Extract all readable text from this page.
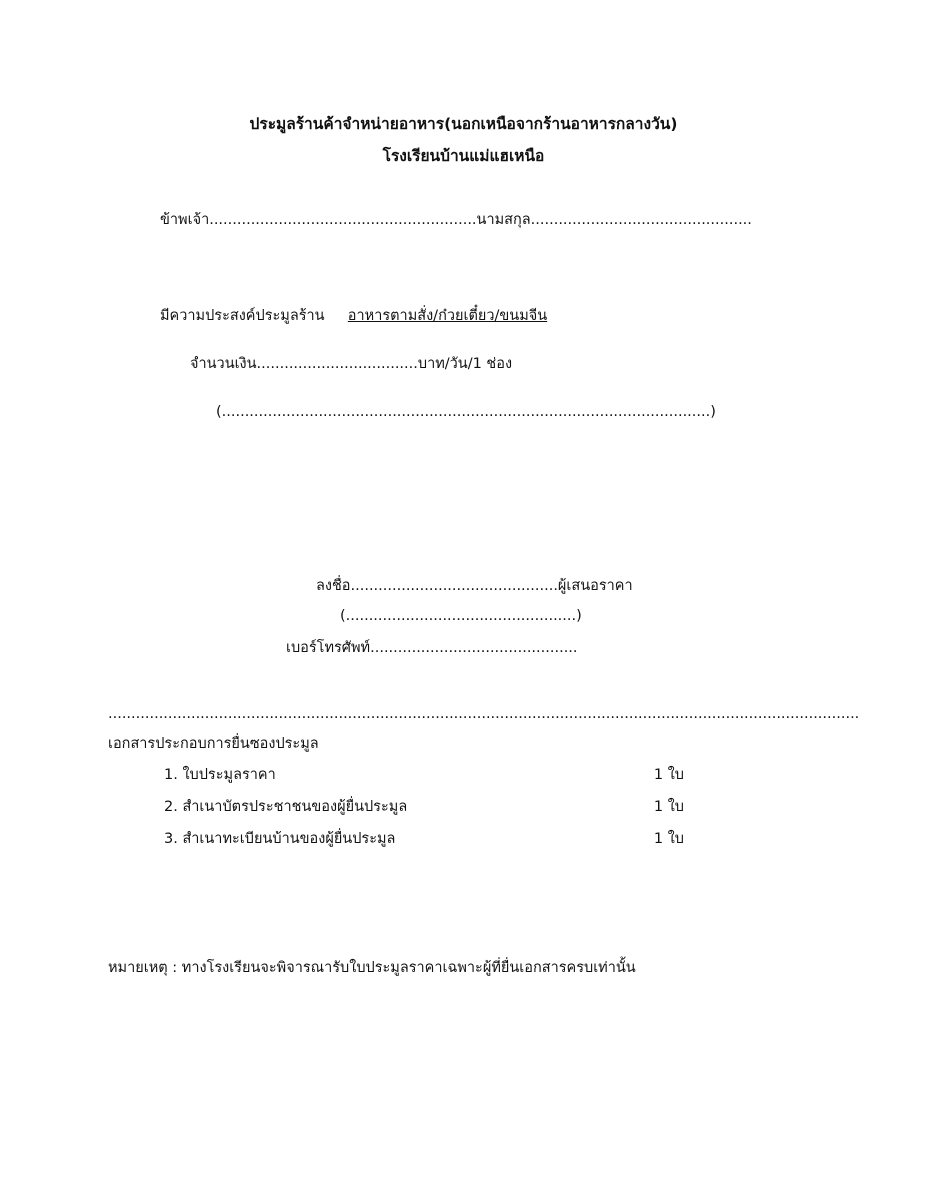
ประมูลร้านค้าจำหน่ายอาหาร(นอกเหนือจากร้านอาหารกลางวัน)
โรงเรียนบ้านแม่แฮเหนือ
ข้าพเจ้า..........................................................นามสกุล................................................
มีความประสงค์ประมูลร้าน อาหารตามสั่ง/ก๋วยเตี๋ยว/ขนมจีน
จำนวนเงิน...................................บาท/วัน/1 ช่อง
(..........................................................................................................)
ลงชื่อ.............................................ผู้เสนอราคา
(..................................................)
เบอร์โทรศัพท์.............................................
...................................................................................................................................................................
เอกสารประกอบการยื่นซองประมูล
1. ใบประมูลราคา	1 ใบ
2. สำเนาบัตรประชาชนของผู้ยื่นประมูล	1 ใบ
3. สำเนาทะเบียนบ้านของผู้ยื่นประมูล	1 ใบ
หมายเหตุ : ทางโรงเรียนจะพิจารณารับใบประมูลราคาเฉพาะผู้ที่ยื่นเอกสารครบเท่านั้น
